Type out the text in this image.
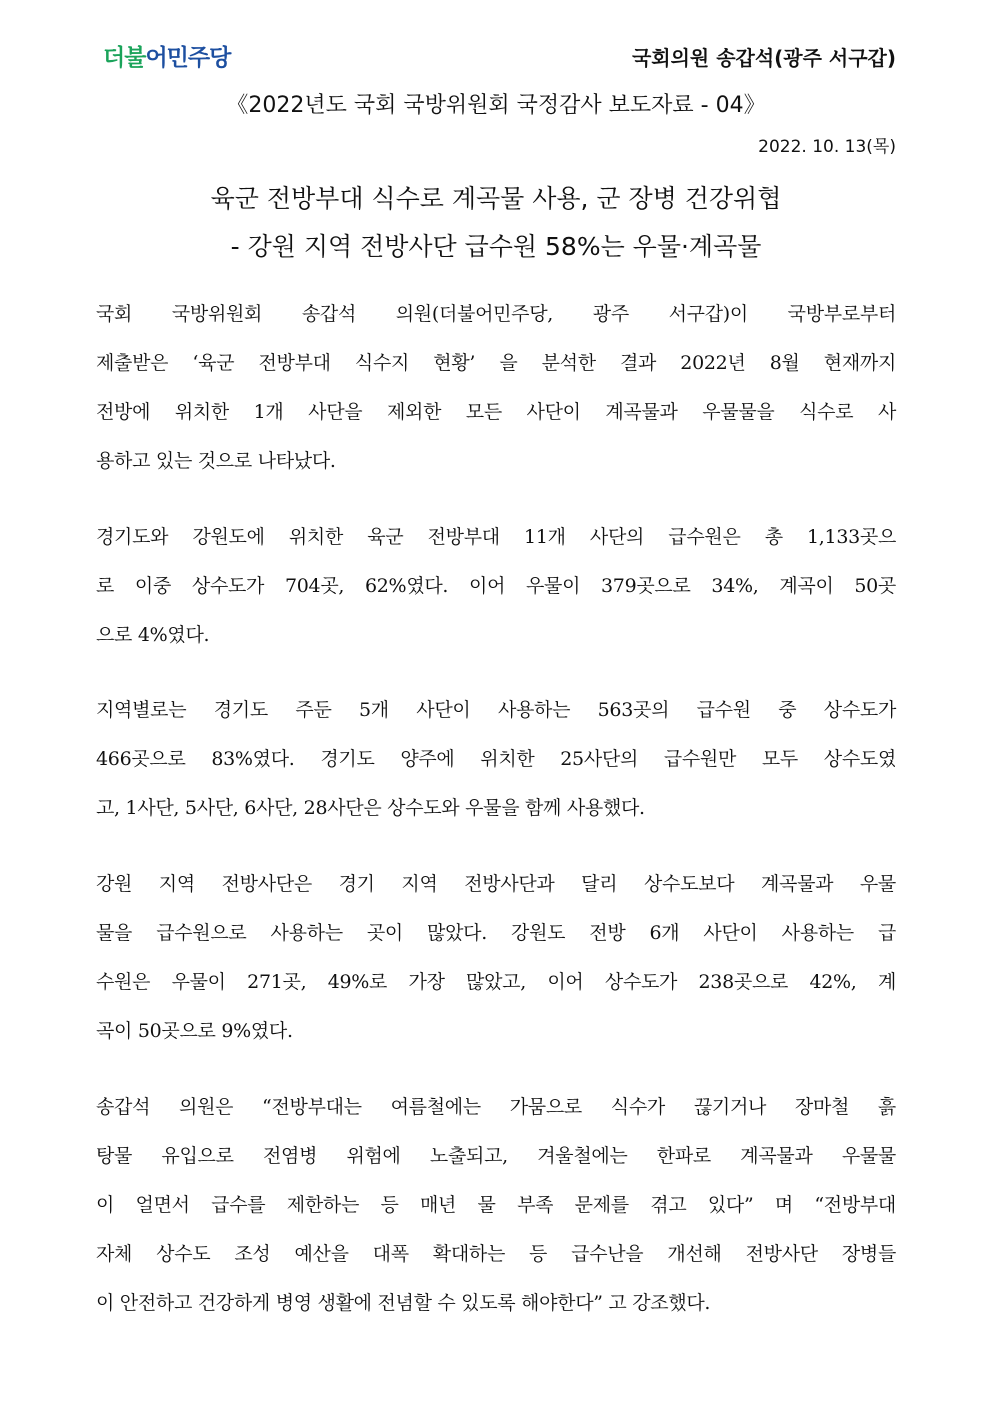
더불어민주당	국회의원 송갑석(광주 서구갑)
《2022년도 국회 국방위원회 국정감사 보도자료 - 04》
2022. 10. 13(목)
육군 전방부대 식수로 계곡물 사용, 군 장병 건강위협
- 강원 지역 전방사단 급수원 58%는 우물·계곡물
국회 국방위원회 송갑석 의원(더불어민주당, 광주 서구갑)이 국방부로부터
제출받은 ‘육군 전방부대 식수지 현황’ 을 분석한 결과 2022년 8월 현재까지
전방에 위치한 1개 사단을 제외한 모든 사단이 계곡물과 우물물을 식수로 사
용하고 있는 것으로 나타났다.
경기도와 강원도에 위치한 육군 전방부대 11개 사단의 급수원은 총 1,133곳으
로 이중 상수도가 704곳, 62%였다. 이어 우물이 379곳으로 34%, 계곡이 50곳
으로 4%였다.
지역별로는 경기도 주둔 5개 사단이 사용하는 563곳의 급수원 중 상수도가
466곳으로 83%였다. 경기도 양주에 위치한 25사단의 급수원만 모두 상수도였
고, 1사단, 5사단, 6사단, 28사단은 상수도와 우물을 함께 사용했다.
강원 지역 전방사단은 경기 지역 전방사단과 달리 상수도보다 계곡물과 우물
물을 급수원으로 사용하는 곳이 많았다. 강원도 전방 6개 사단이 사용하는 급
수원은 우물이 271곳, 49%로 가장 많았고, 이어 상수도가 238곳으로 42%, 계
곡이 50곳으로 9%였다.
송갑석 의원은 “전방부대는 여름철에는 가뭄으로 식수가 끊기거나 장마철 흙
탕물 유입으로 전염병 위험에 노출되고, 겨울철에는 한파로 계곡물과 우물물
이 얼면서 급수를 제한하는 등 매년 물 부족 문제를 겪고 있다” 며 “전방부대
자체 상수도 조성 예산을 대폭 확대하는 등 급수난을 개선해 전방사단 장병들
이 안전하고 건강하게 병영 생활에 전념할 수 있도록 해야한다” 고 강조했다.
